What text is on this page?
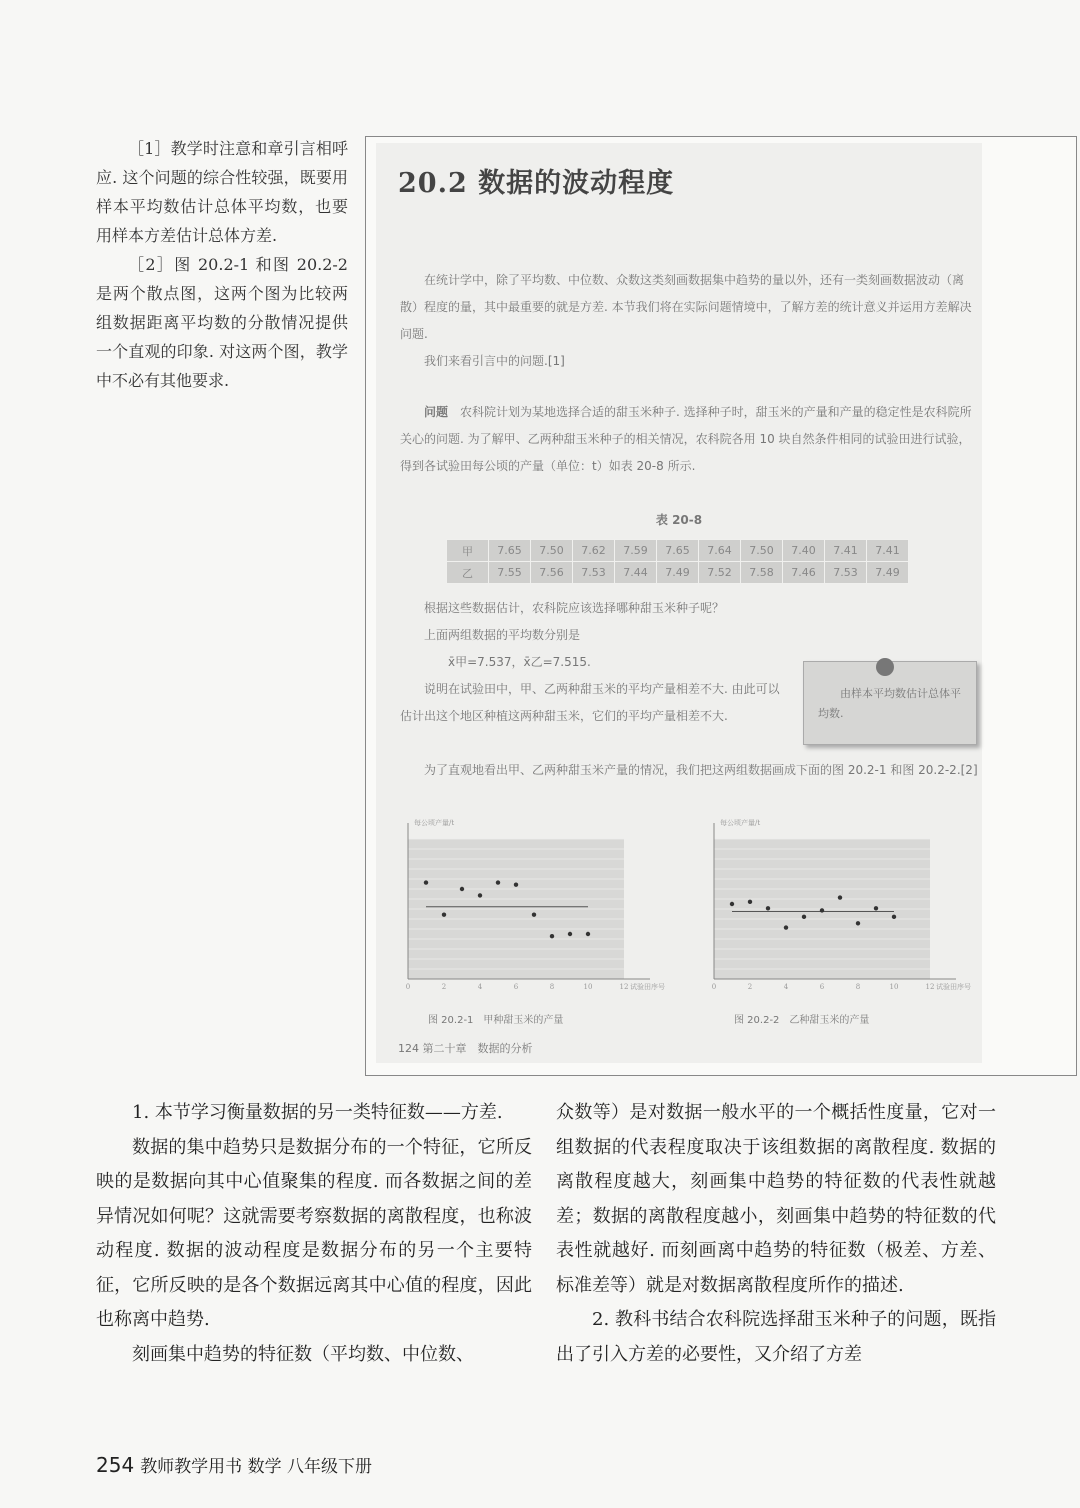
［1］教学时注意和章引言相呼应. 这个问题的综合性较强，既要用样本平均数估计总体平均数，也要用样本方差估计总体方差.

［2］图 20.2-1 和图 20.2-2 是两个散点图，这两个图为比较两组数据距离平均数的分散情况提供一个直观的印象. 对这两个图，教学中不必有其他要求.

20.2 数据的波动程度

在统计学中，除了平均数、中位数、众数这类刻画数据集中趋势的量以外，还有一类刻画数据波动（离散）程度的量，其中最重要的就是方差. 本节我们将在实际问题情境中，了解方差的统计意义并运用方差解决问题.

我们来看引言中的问题.[1]

问题　 农科院计划为某地选择合适的甜玉米种子. 选择种子时，甜玉米的产量和产量的稳定性是农科院所关心的问题. 为了解甲、乙两种甜玉米种子的相关情况，农科院各用 10 块自然条件相同的试验田进行试验，得到各试验田每公顷的产量（单位：t）如表 20-8 所示.

表 20-8
甲	7.65	7.50	7.62	7.59	7.65	7.64	7.50	7.40	7.41	7.41
乙	7.55	7.56	7.53	7.44	7.49	7.52	7.58	7.46	7.53	7.49

根据这些数据估计，农科院应该选择哪种甜玉米种子呢？

上面两组数据的平均数分别是

x̄甲=7.537，x̄乙=7.515.

说明在试验田中，甲、乙两种甜玉米的平均产量相差不大. 由此可以估计出这个地区种植这两种甜玉米，它们的平均产量相差不大.

由样本平均数估计总体平均数.

为了直观地看出甲、乙两种甜玉米产量的情况，我们把这两组数据画成下面的图 20.2-1 和图 20.2-2.[2]

每公顷产量/t
试验田序号
0	2	4	6	8	10	12
图 20.2-1　甲种甜玉米的产量
每公顷产量/t
试验田序号
0	2	4	6	8	10	12
图 20.2-2　乙种甜玉米的产量
124 第二十章　数据的分析

1. 本节学习衡量数据的另一类特征数——方差.

数据的集中趋势只是数据分布的一个特征，它所反映的是数据向其中心值聚集的程度. 而各数据之间的差异情况如何呢？这就需要考察数据的离散程度，也称波动程度. 数据的波动程度是数据分布的另一个主要特征，它所反映的是各个数据远离其中心值的程度，因此也称离中趋势.

刻画集中趋势的特征数（平均数、中位数、

众数等）是对数据一般水平的一个概括性度量，它对一组数据的代表程度取决于该组数据的离散程度. 数据的离散程度越大，刻画集中趋势的特征数的代表性就越差；数据的离散程度越小，刻画集中趋势的特征数的代表性就越好. 而刻画离中趋势的特征数（极差、方差、标准差等）就是对数据离散程度所作的描述.

2. 教科书结合农科院选择甜玉米种子的问题，既指出了引入方差的必要性，又介绍了方差

254 教师教学用书 数学 八年级下册
